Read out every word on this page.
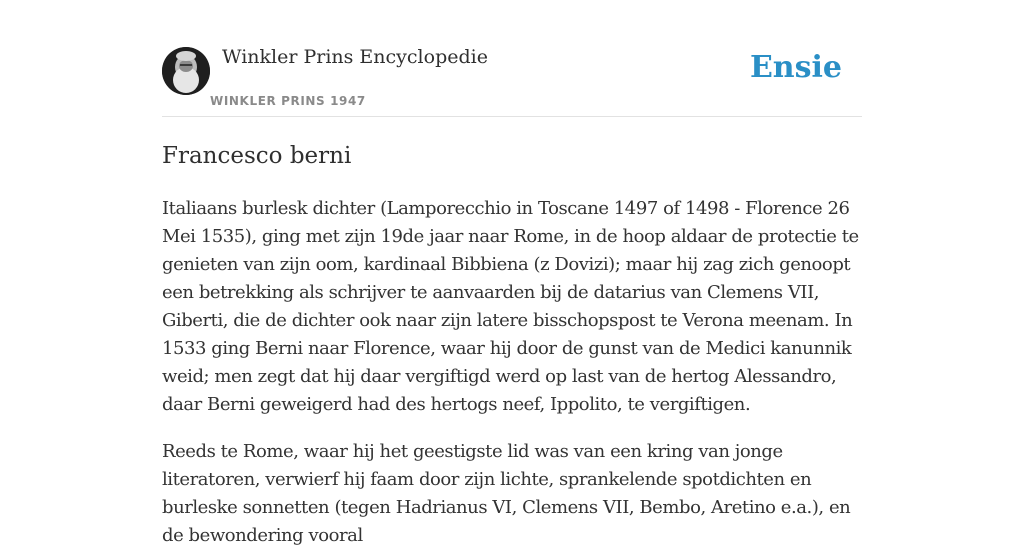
Winkler Prins Encyclopedie
WINKLER PRINS 1947
Ensie
Francesco berni

Italiaans burlesk dichter (Lamporecchio in Toscane 1497 of 1498 - Florence 26 Mei 1535), ging met zijn 19de jaar naar Rome, in de hoop aldaar de protectie te genieten van zijn oom, kardinaal Bibbiena (z Dovizi); maar hij zag zich genoopt een betrekking als schrijver te aanvaarden bij de datarius van Clemens VII, Giberti, die de dichter ook naar zijn latere bisschopspost te Verona meenam. In 1533 ging Berni naar Florence, waar hij door de gunst van de Medici kanunnik weid; men zegt dat hij daar vergiftigd werd op last van de hertog Alessandro, daar Berni geweigerd had des hertogs neef, Ippolito, te vergiftigen.

Reeds te Rome, waar hij het geestigste lid was van een kring van jonge literatoren, verwierf hij faam door zijn lichte, sprankelende spotdichten en burleske sonnetten (tegen Hadrianus VI, Clemens VII, Bembo, Aretino e.a.), en de bewondering vooral
